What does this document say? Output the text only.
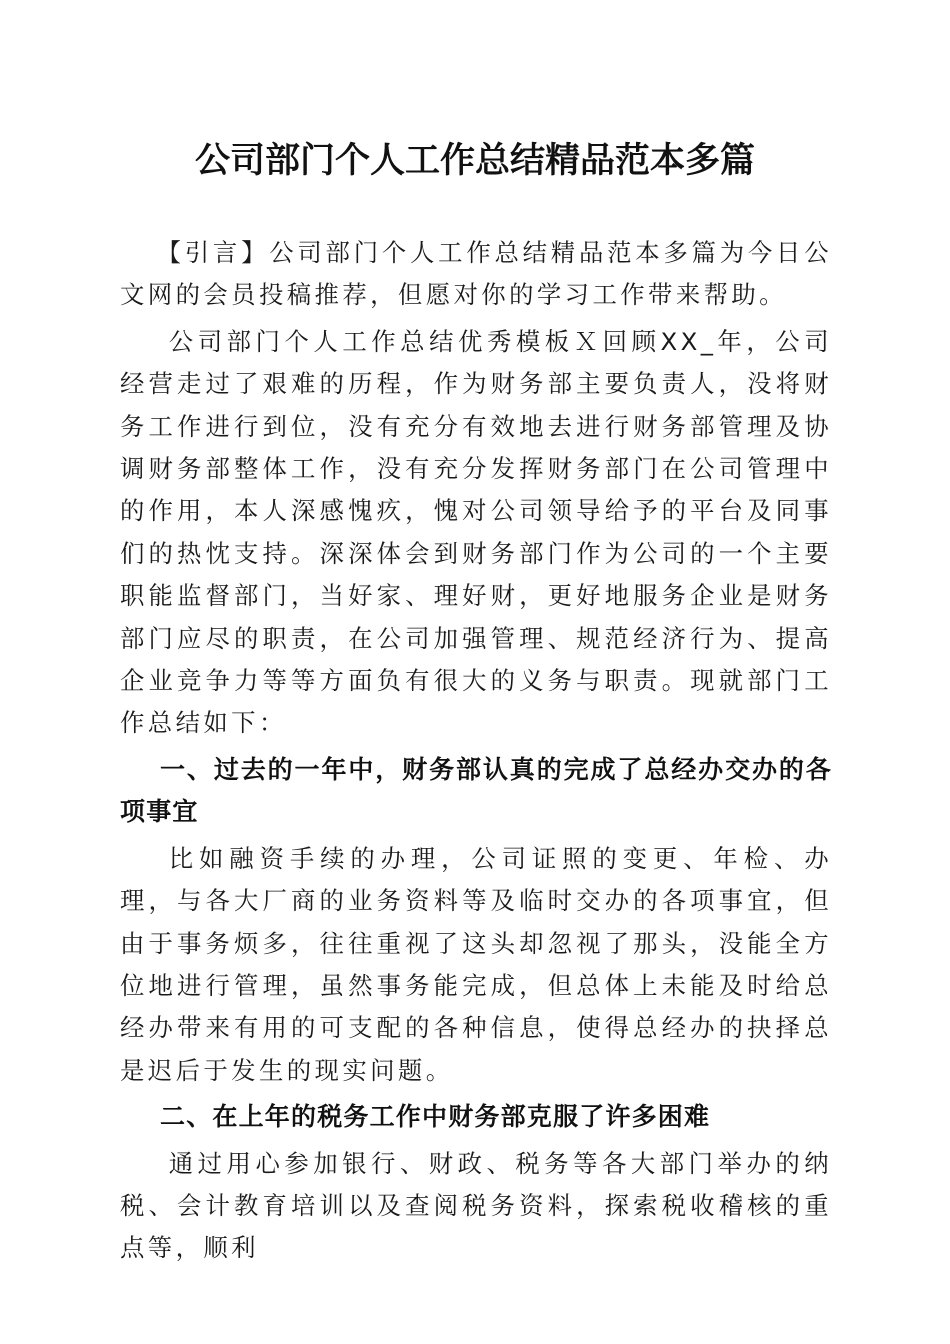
公司部门个人工作总结精品范本多篇

【引言】公司部门个人工作总结精品范本多篇为今日公文网的会员投稿推荐，但愿对你的学习工作带来帮助。

公司部门个人工作总结优秀模板Ｘ回顾XX_年，公司经营走过了艰难的历程，作为财务部主要负责人，没将财务工作进行到位，没有充分有效地去进行财务部管理及协调财务部整体工作，没有充分发挥财务部门在公司管理中的作用，本人深感愧疚，愧对公司领导给予的平台及同事们的热忱支持。深深体会到财务部门作为公司的一个主要职能监督部门，当好家、理好财，更好地服务企业是财务部门应尽的职责，在公司加强管理、规范经济行为、提高企业竞争力等等方面负有很大的义务与职责。现就部门工作总结如下：

一、过去的一年中，财务部认真的完成了总经办交办的各项事宜

比如融资手续的办理，公司证照的变更、年检、办理，与各大厂商的业务资料等及临时交办的各项事宜，但由于事务烦多，往往重视了这头却忽视了那头，没能全方位地进行管理，虽然事务能完成，但总体上未能及时给总经办带来有用的可支配的各种信息，使得总经办的抉择总是迟后于发生的现实问题。

二、在上年的税务工作中财务部克服了许多困难

通过用心参加银行、财政、税务等各大部门举办的纳税、会计教育培训以及查阅税务资料，探索税收稽核的重点等，顺利
